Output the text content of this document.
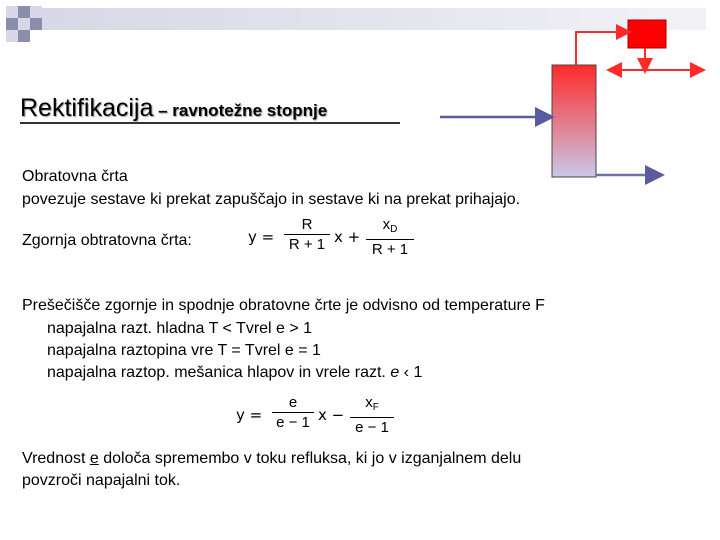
Rektifikacija – ravnotežne stopnje
Obratovna črta
povezuje sestave ki prekat zapuščajo in sestave ki na prekat prihajajo.
Zgornja obtratovna črta:	y =
R
R + 1 x +
$x_D$
R + 1
Prešečišče zgornje in spodnje obratovne črte je odvisno od temperature F
napajalna razt. hladna T < Tvrel e > 1
napajalna raztopina vre T = Tvrel e = 1
napajalna raztop. mešanica hlapov in vrele razt. e ‹ 1
y =
e
e − 1 x −
$x_F$
e − 1
Vrednost e določa spremembo v toku refluksa, ki jo v izganjalnem delu
povzroči napajalni tok.
